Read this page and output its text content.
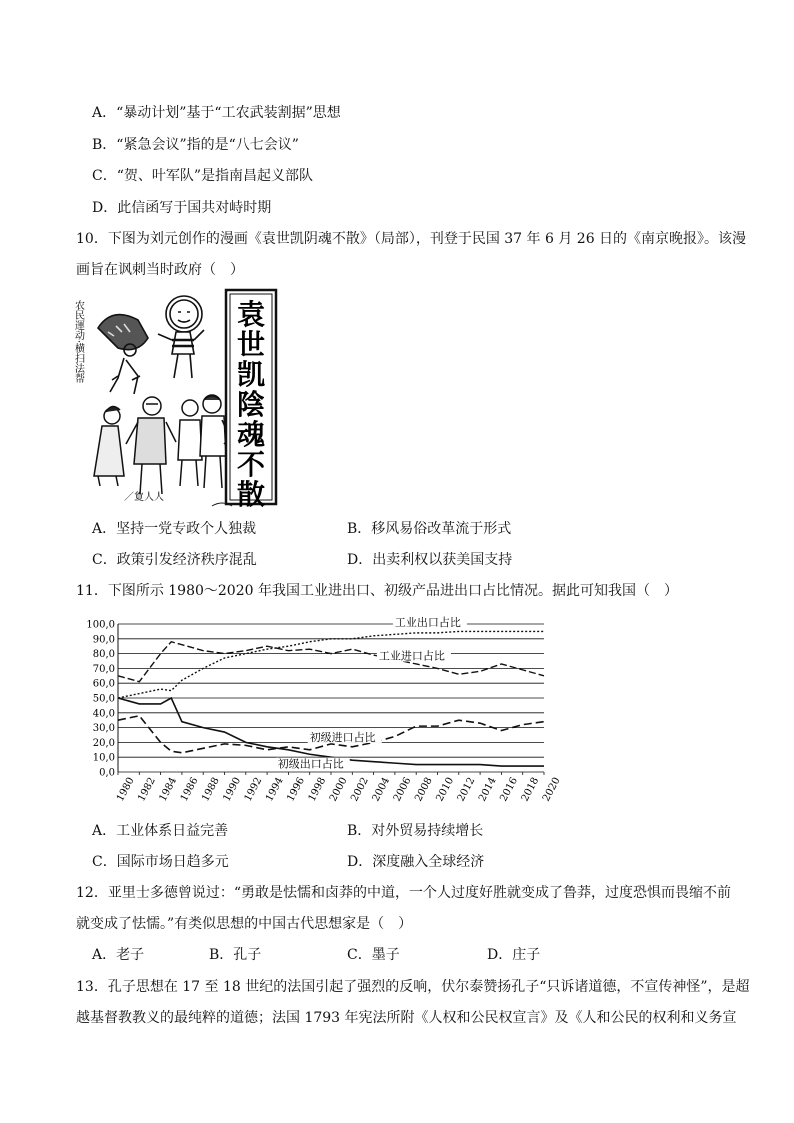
A．“暴动计划”基于“工农武装割据”思想
B．“紧急会议”指的是“八七会议”
C．“贺、叶军队”是指南昌起义部队
D．此信函写于国共对峙时期
10．下图为刘元创作的漫画《袁世凯阴魂不散》（局部），刊登于民国 37 年 6 月 26 日的《南京晚报》。该漫
画旨在讽刺当时政府（　）
农民運动·横扫法帮
／夐人人
袁
世
凯
陰
魂
不
散
A．坚持一党专政个人独裁	B．移风易俗改革流于形式
C．政策引发经济秩序混乱	D．出卖利权以获美国支持
11．下图所示 1980～2020 年我国工业进出口、初级产品进出口占比情况。据此可知我国（　）
0,0
10,0
20,0
30,0
40,0
50,0
60,0
70,0
80,0
90,0
100,0
1980 1982 1984 1986 1988 1990 1992 1994 1996 1998 2000 2002 2004 2006 2008 2010 2012 2014 2016 2018 2020
工业出口占比
工业进口占比
初级进口占比
初级出口占比
A．工业体系日益完善	B．对外贸易持续增长
C．国际市场日趋多元	D．深度融入全球经济
12．亚里士多德曾说过：“勇敢是怯懦和卤莽的中道，一个人过度好胜就变成了鲁莽，过度恐惧而畏缩不前
就变成了怯懦。”有类似思想的中国古代思想家是（　）
A．老子	B．孔子	C．墨子	D．庄子
13．孔子思想在 17 至 18 世纪的法国引起了强烈的反响，伏尔泰赞扬孔子“只诉诸道德，不宣传神怪”，是超
越基督教教义的最纯粹的道德；法国 1793 年宪法所附《人权和公民权宣言》及《人和公民的权利和义务宣
